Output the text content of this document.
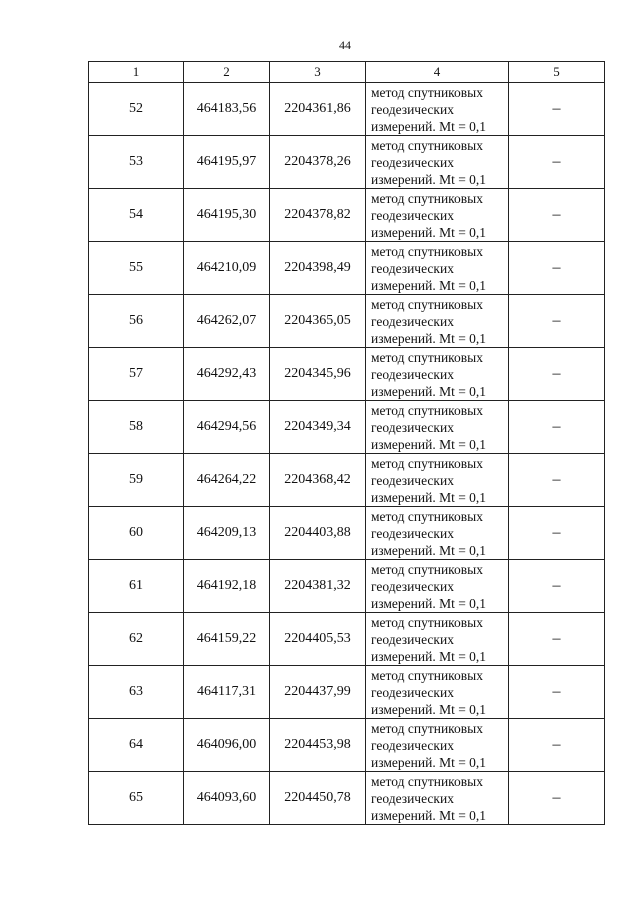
44
1	2	3	4	5
52	464183,56	2204361,86	метод спутниковых
геодезических
измерений. Mt = 0,1	–
53	464195,97	2204378,26	метод спутниковых
геодезических
измерений. Mt = 0,1	–
54	464195,30	2204378,82	метод спутниковых
геодезических
измерений. Mt = 0,1	–
55	464210,09	2204398,49	метод спутниковых
геодезических
измерений. Mt = 0,1	–
56	464262,07	2204365,05	метод спутниковых
геодезических
измерений. Mt = 0,1	–
57	464292,43	2204345,96	метод спутниковых
геодезических
измерений. Mt = 0,1	–
58	464294,56	2204349,34	метод спутниковых
геодезических
измерений. Mt = 0,1	–
59	464264,22	2204368,42	метод спутниковых
геодезических
измерений. Mt = 0,1	–
60	464209,13	2204403,88	метод спутниковых
геодезических
измерений. Mt = 0,1	–
61	464192,18	2204381,32	метод спутниковых
геодезических
измерений. Mt = 0,1	–
62	464159,22	2204405,53	метод спутниковых
геодезических
измерений. Mt = 0,1	–
63	464117,31	2204437,99	метод спутниковых
геодезических
измерений. Mt = 0,1	–
64	464096,00	2204453,98	метод спутниковых
геодезических
измерений. Mt = 0,1	–
65	464093,60	2204450,78	метод спутниковых
геодезических
измерений. Mt = 0,1	–
